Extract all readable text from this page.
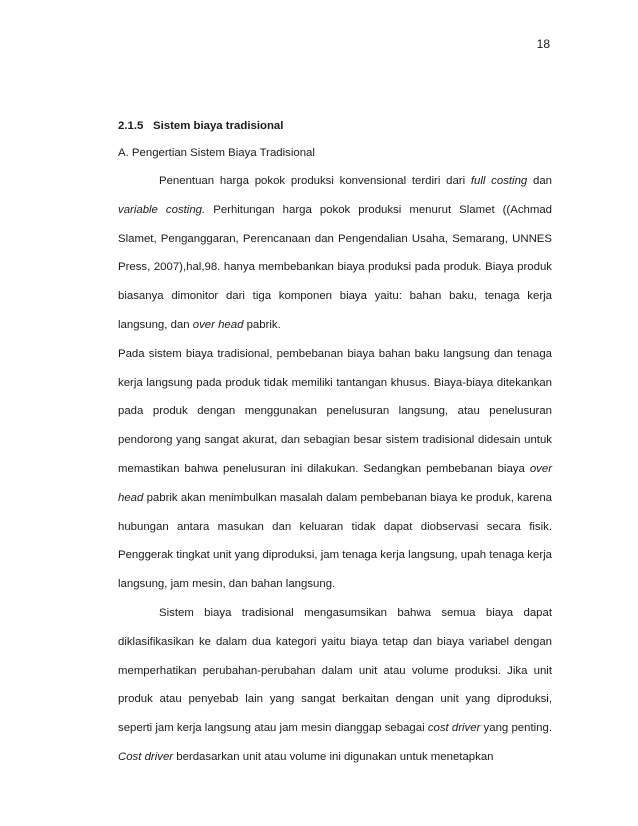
18

2.1.5 Sistem biaya tradisional

A. Pengertian Sistem Biaya Tradisional

Penentuan harga pokok produksi konvensional terdiri dari full costing dan variable costing. Perhitungan harga pokok produksi menurut Slamet ((Achmad Slamet, Penganggaran, Perencanaan dan Pengendalian Usaha, Semarang, UNNES Press, 2007),hal,98. hanya membebankan biaya produksi pada produk. Biaya produk biasanya dimonitor dari tiga komponen biaya yaitu: bahan baku, tenaga kerja langsung, dan over head pabrik.

Pada sistem biaya tradisional, pembebanan biaya bahan baku langsung dan tenaga kerja langsung pada produk tidak memiliki tantangan khusus. Biaya-biaya ditekankan pada produk dengan menggunakan penelusuran langsung, atau penelusuran pendorong yang sangat akurat, dan sebagian besar sistem tradisional didesain untuk memastikan bahwa penelusuran ini dilakukan. Sedangkan pembebanan biaya over head pabrik akan menimbulkan masalah dalam pembebanan biaya ke produk, karena hubungan antara masukan dan keluaran tidak dapat diobservasi secara fisik. Penggerak tingkat unit yang diproduksi, jam tenaga kerja langsung, upah tenaga kerja langsung, jam mesin, dan bahan langsung.

Sistem biaya tradisional mengasumsikan bahwa semua biaya dapat diklasifikasikan ke dalam dua kategori yaitu biaya tetap dan biaya variabel dengan memperhatikan perubahan-perubahan dalam unit atau volume produksi. Jika unit produk atau penyebab lain yang sangat berkaitan dengan unit yang diproduksi, seperti jam kerja langsung atau jam mesin dianggap sebagai cost driver yang penting. Cost driver berdasarkan unit atau volume ini digunakan untuk menetapkan
